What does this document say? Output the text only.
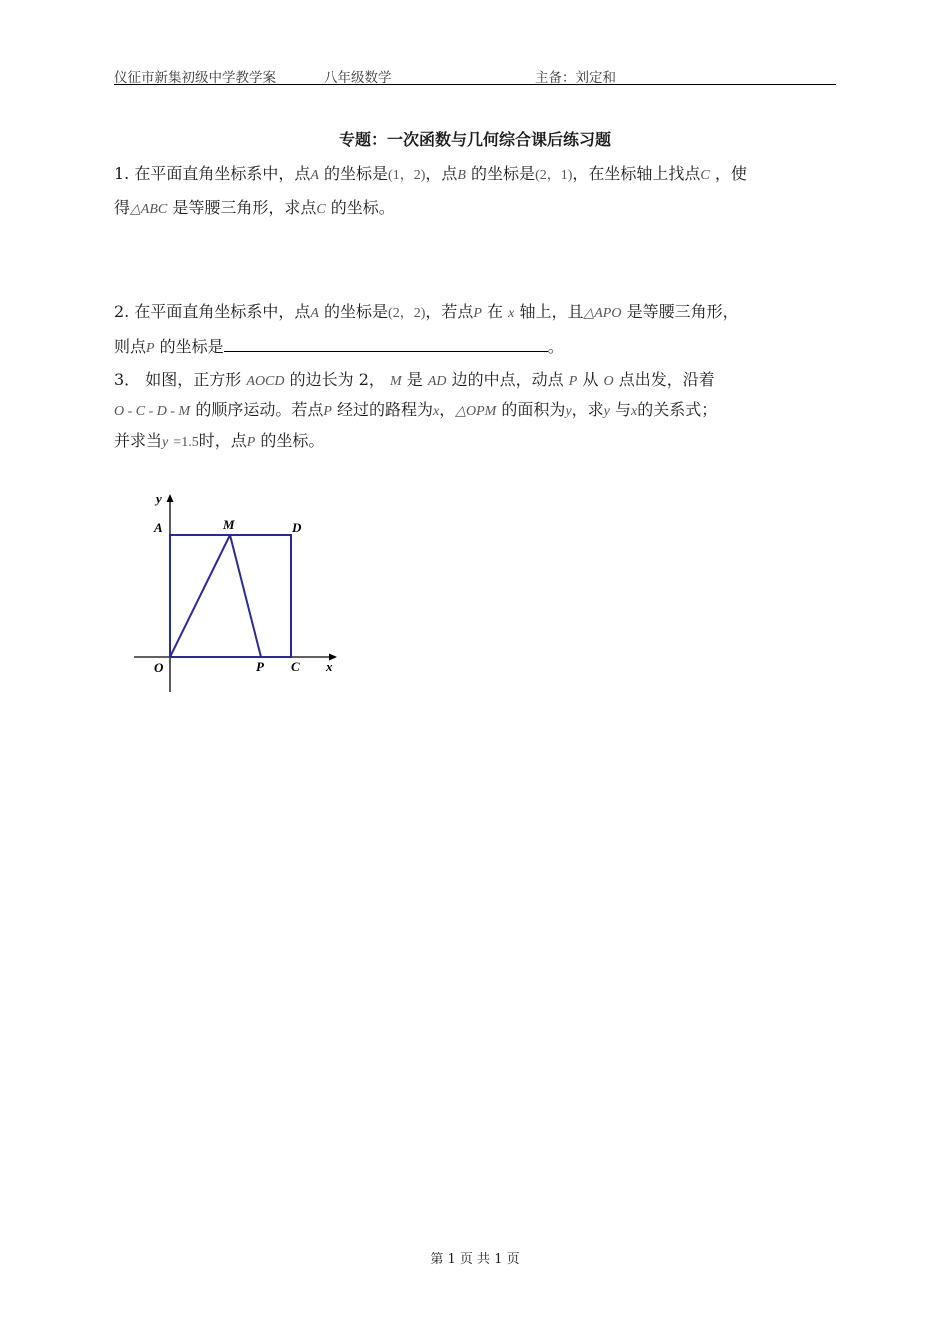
仪征市新集初级中学教学案	八年级数学	主备：刘定和
专题：一次函数与几何综合课后练习题
1. 在平面直角坐标系中，点A 的坐标是(1，2)，点B 的坐标是(2，1)，在坐标轴上找点C ，使
得△ABC 是等腰三角形，求点C 的坐标。
2. 在平面直角坐标系中，点A 的坐标是(2，2)，若点P 在 x 轴上，且△APO 是等腰三角形，
则点P 的坐标是	。
3． 如图，正方形 AOCD 的边长为 2， M 是 AD 边的中点，动点 P 从 O 点出发，沿着
O - C - D - M 的顺序运动。若点P 经过的路程为x，△OPM 的面积为y，求y 与x的关系式；
并求当y =1.5时，点P 的坐标。
y
A	M	D
O	P C x
第 1 页 共 1 页
